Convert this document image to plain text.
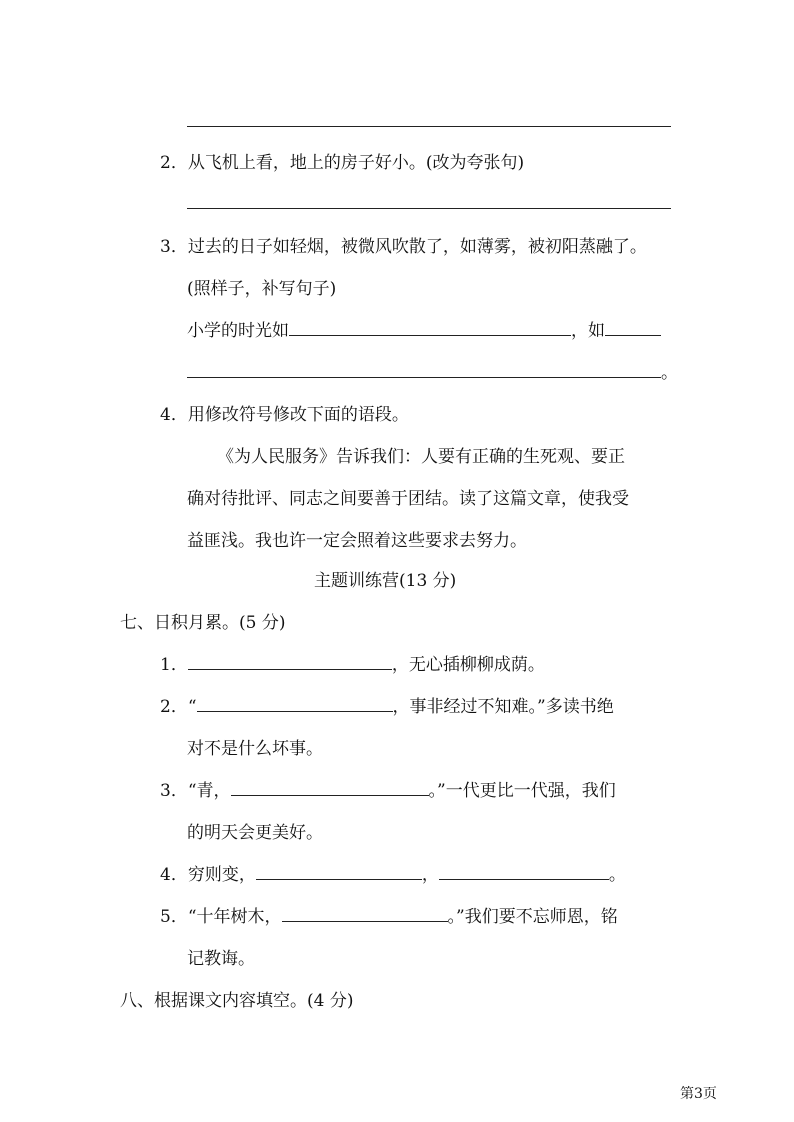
2．从飞机上看，地上的房子好小。(改为夸张句)
3．过去的日子如轻烟，被微风吹散了，如薄雾，被初阳蒸融了。
(照样子，补写句子)
小学的时光如	，如
。
4．用修改符号修改下面的语段。
《为人民服务》告诉我们：人要有正确的生死观、要正
确对待批评、同志之间要善于团结。读了这篇文章，使我受
益匪浅。我也许一定会照着这些要求去努力。
主题训练营(13 分)
七、日积月累。(5 分)
1．	，无心插柳柳成荫。
2．“	，事非经过不知难。”多读书绝
对不是什么坏事。
3．“青，	。”一代更比一代强，我们
的明天会更美好。
4．穷则变，	，	。
5．“十年树木，	。”我们要不忘师恩，铭
记教诲。
八、根据课文内容填空。(4 分)
第3页
